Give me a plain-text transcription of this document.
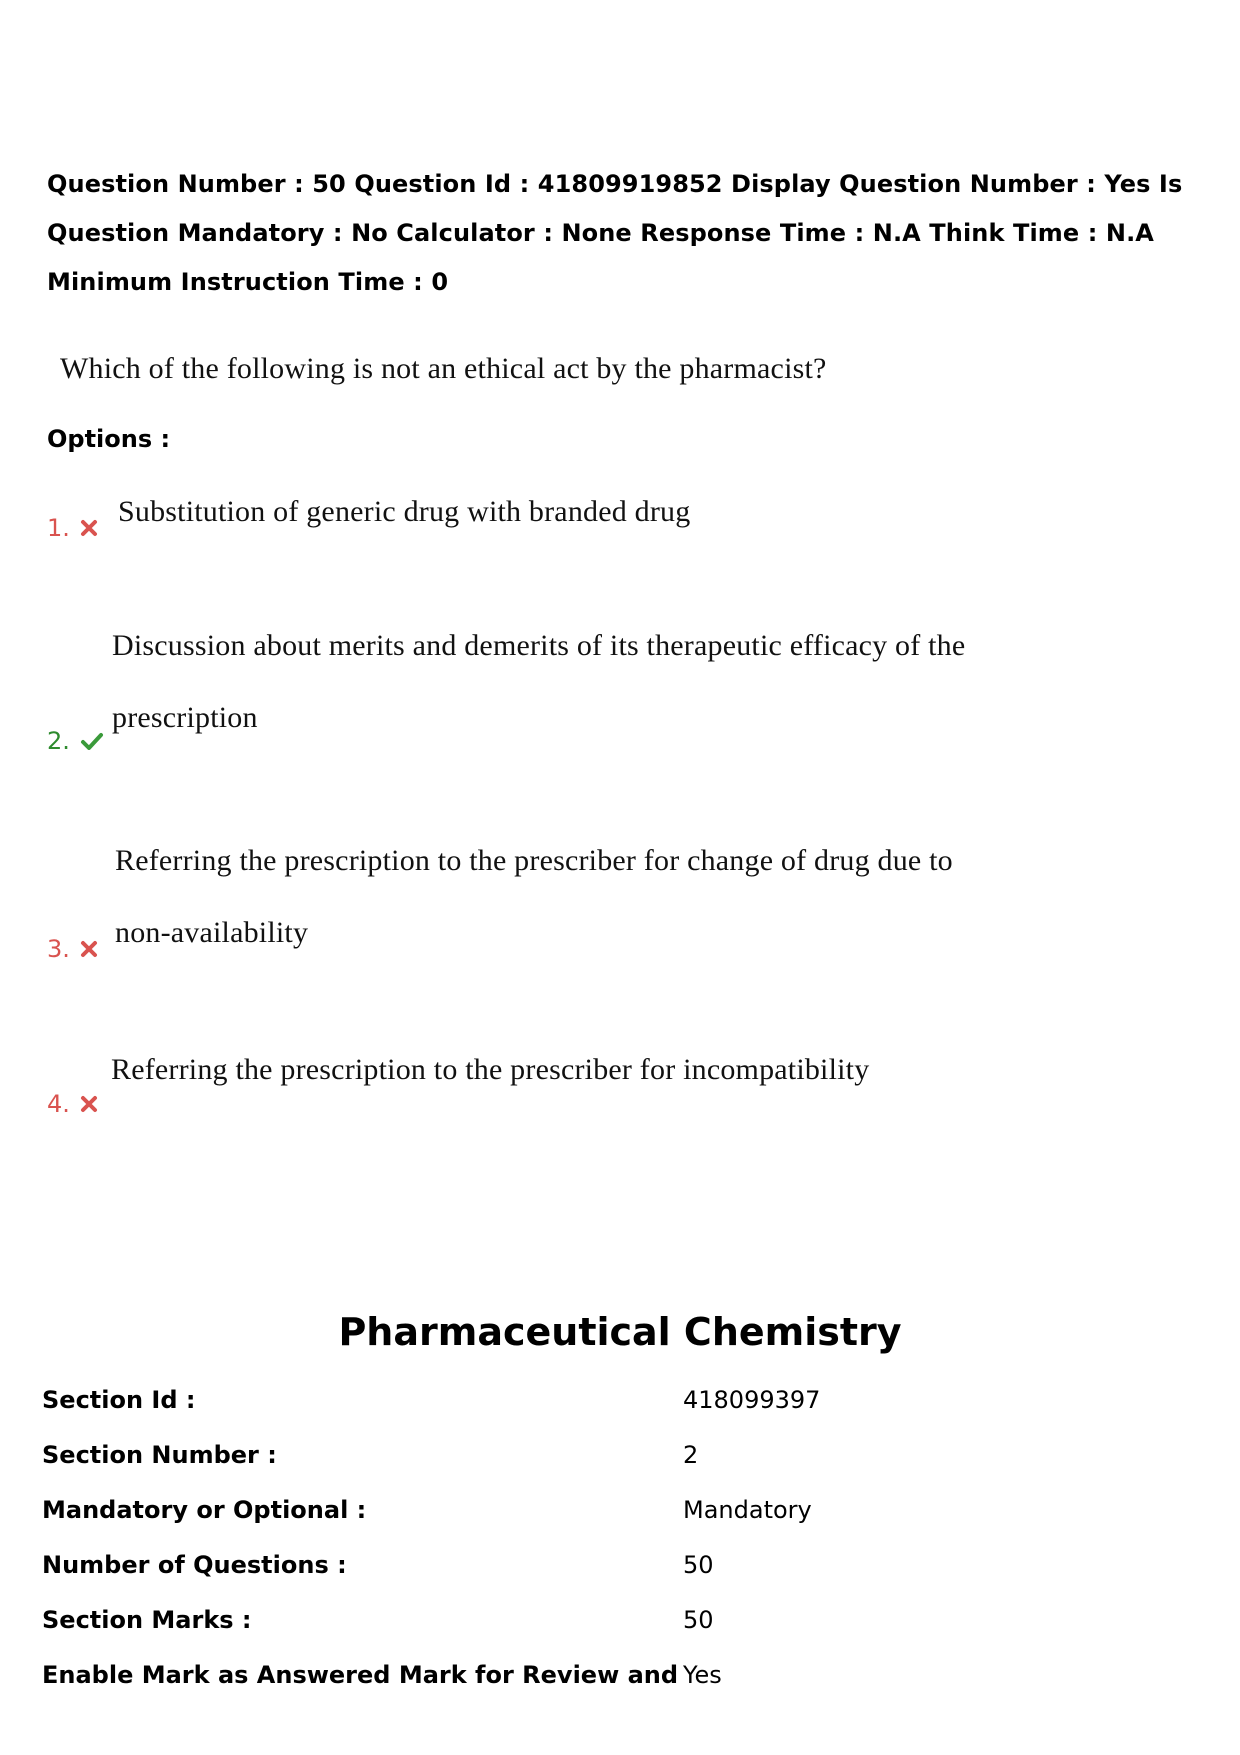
Question Number : 50 Question Id : 41809919852 Display Question Number : Yes Is Question Mandatory : No Calculator : None Response Time : N.A Think Time : N.A Minimum Instruction Time : 0
Which of the following is not an ethical act by the pharmacist?
Options :
1. Substitution of generic drug with branded drug
2.
Discussion about merits and demerits of its therapeutic efficacy of the prescription
3.
Referring the prescription to the prescriber for change of drug due to non-availability
4.
Referring the prescription to the prescriber for incompatibility
Pharmaceutical Chemistry
Section Id :	418099397
Section Number :	2
Mandatory or Optional :	Mandatory
Number of Questions :	50
Section Marks :	50
Enable Mark as Answered Mark for Review and Yes
